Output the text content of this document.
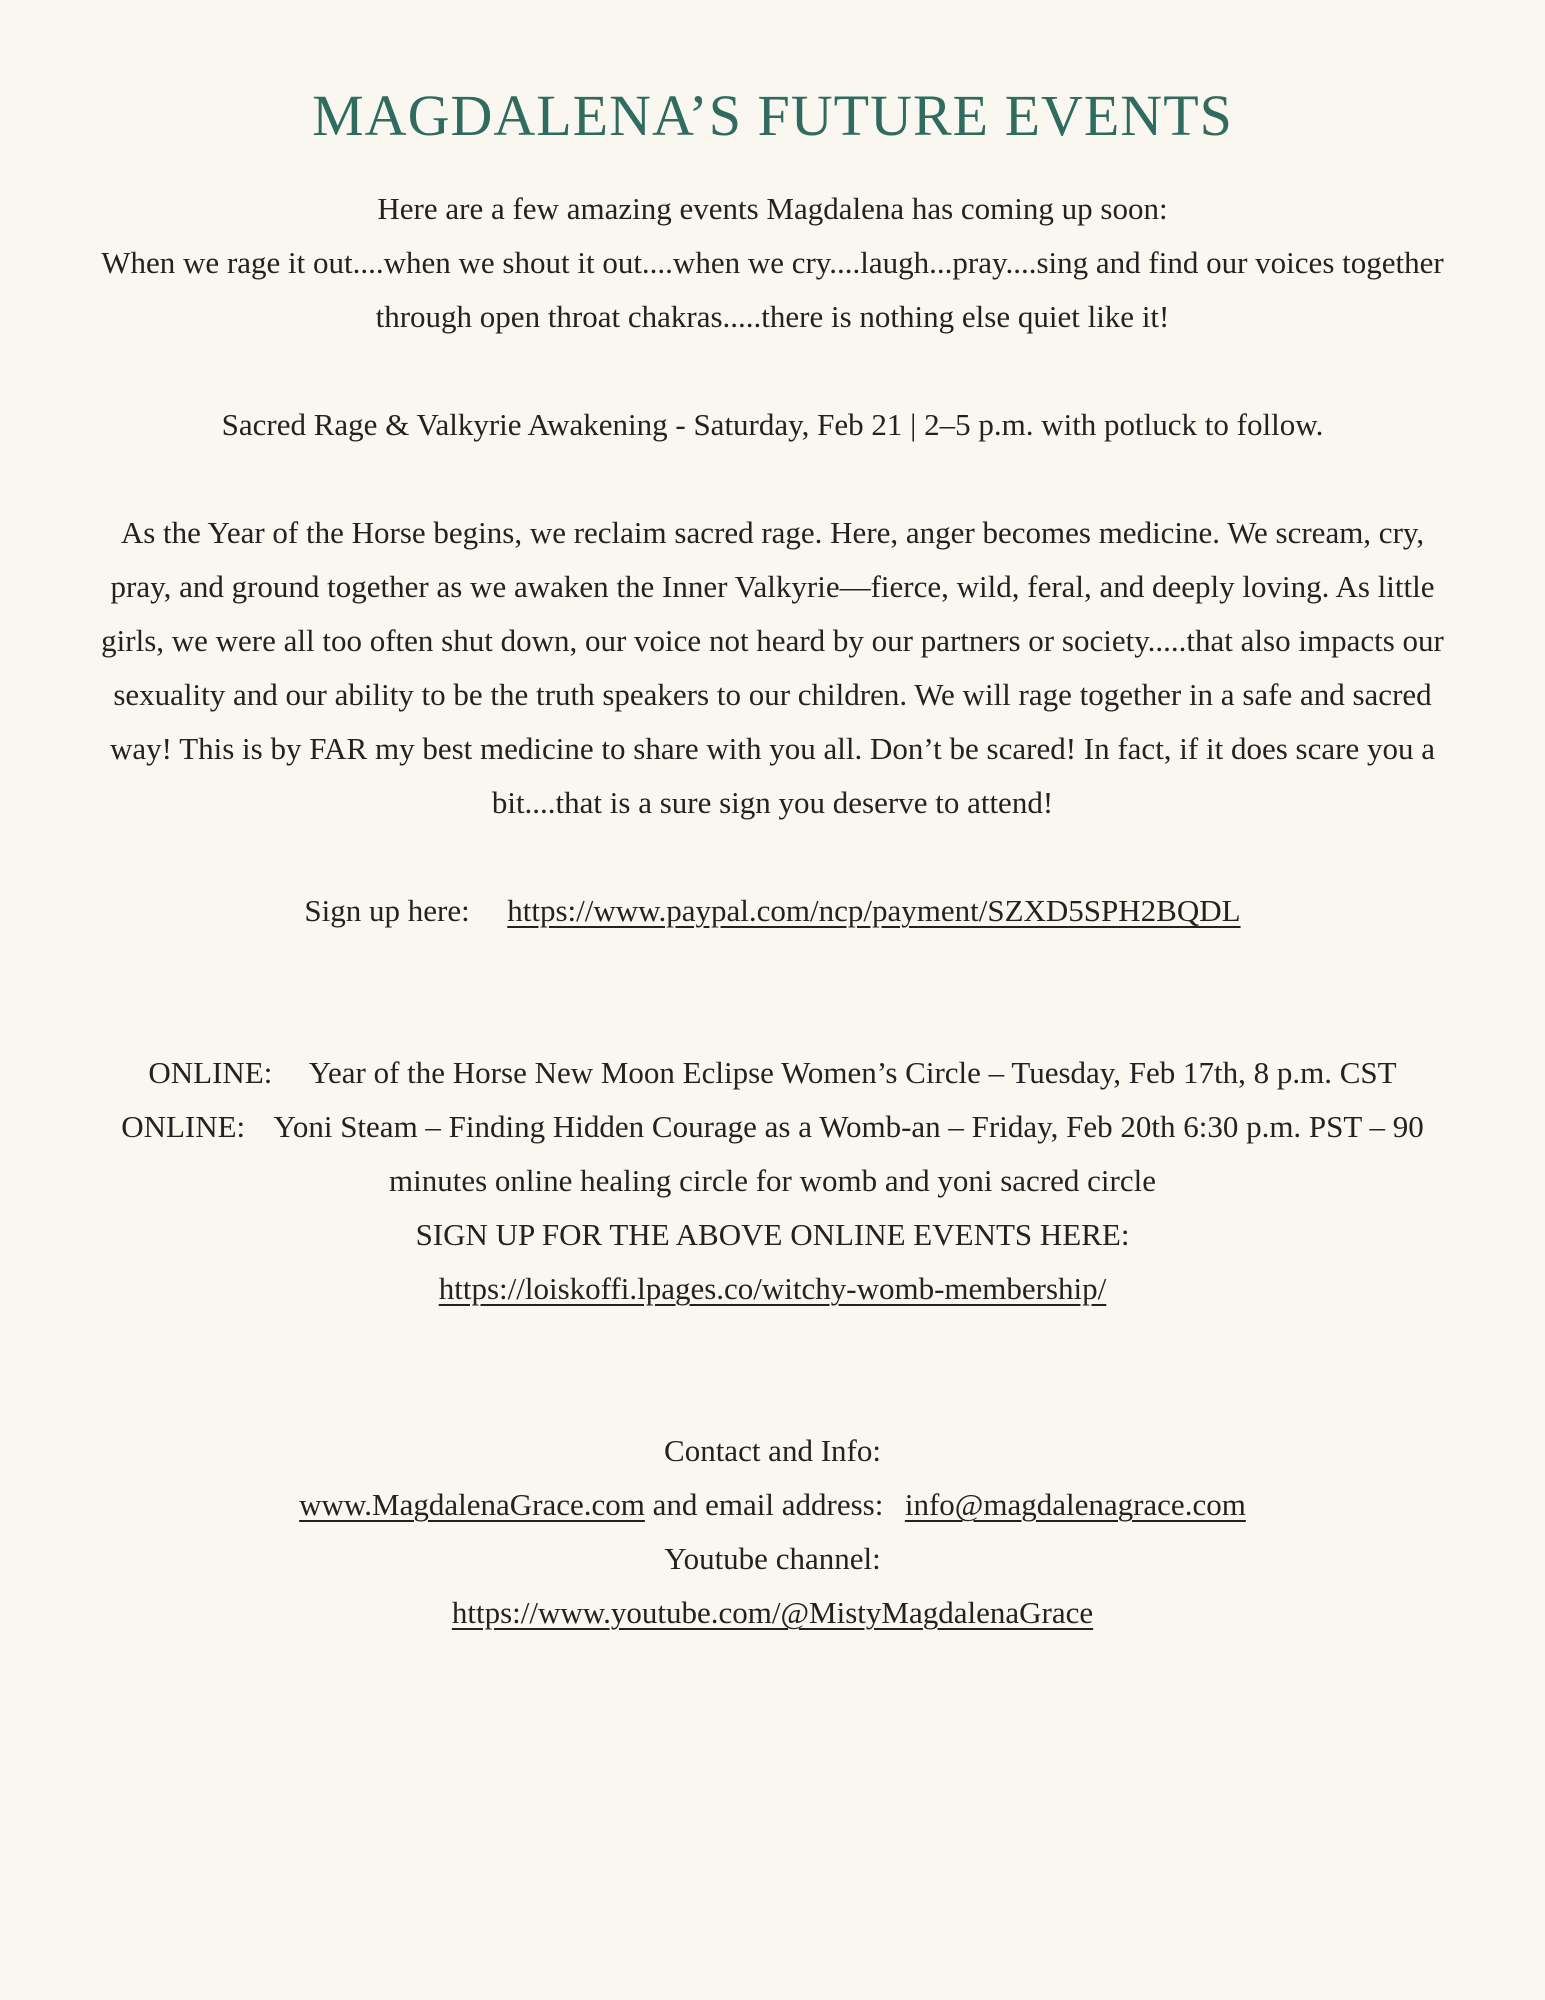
MAGDALENA’S FUTURE EVENTS
Here are a few amazing events Magdalena has coming up soon:
When we rage it out....when we shout it out....when we cry....laugh...pray....sing and find our voices together through open throat chakras.....there is nothing else quiet like it!
Sacred Rage & Valkyrie Awakening - Saturday, Feb 21 | 2–5 p.m. with potluck to follow.
As the Year of the Horse begins, we reclaim sacred rage. Here, anger becomes medicine. We scream, cry, pray, and ground together as we awaken the Inner Valkyrie—fierce, wild, feral, and deeply loving. As little girls, we were all too often shut down, our voice not heard by our partners or society.....that also impacts our sexuality and our ability to be the truth speakers to our children. We will rage together in a safe and sacred way! This is by FAR my best medicine to share with you all. Don’t be scared! In fact, if it does scare you a bit....that is a sure sign you deserve to attend!
Sign up here: https://www.paypal.com/ncp/payment/SZXD5SPH2BQDL
ONLINE: Year of the Horse New Moon Eclipse Women’s Circle – Tuesday, Feb 17th, 8 p.m. CST
ONLINE: Yoni Steam – Finding Hidden Courage as a Womb-an – Friday, Feb 20th 6:30 p.m. PST – 90 minutes online healing circle for womb and yoni sacred circle
SIGN UP FOR THE ABOVE ONLINE EVENTS HERE:
https://loiskoffi.lpages.co/witchy-womb-membership/
Contact and Info:
www.MagdalenaGrace.com and email address: info@magdalenagrace.com
Youtube channel:
https://www.youtube.com/@MistyMagdalenaGrace
